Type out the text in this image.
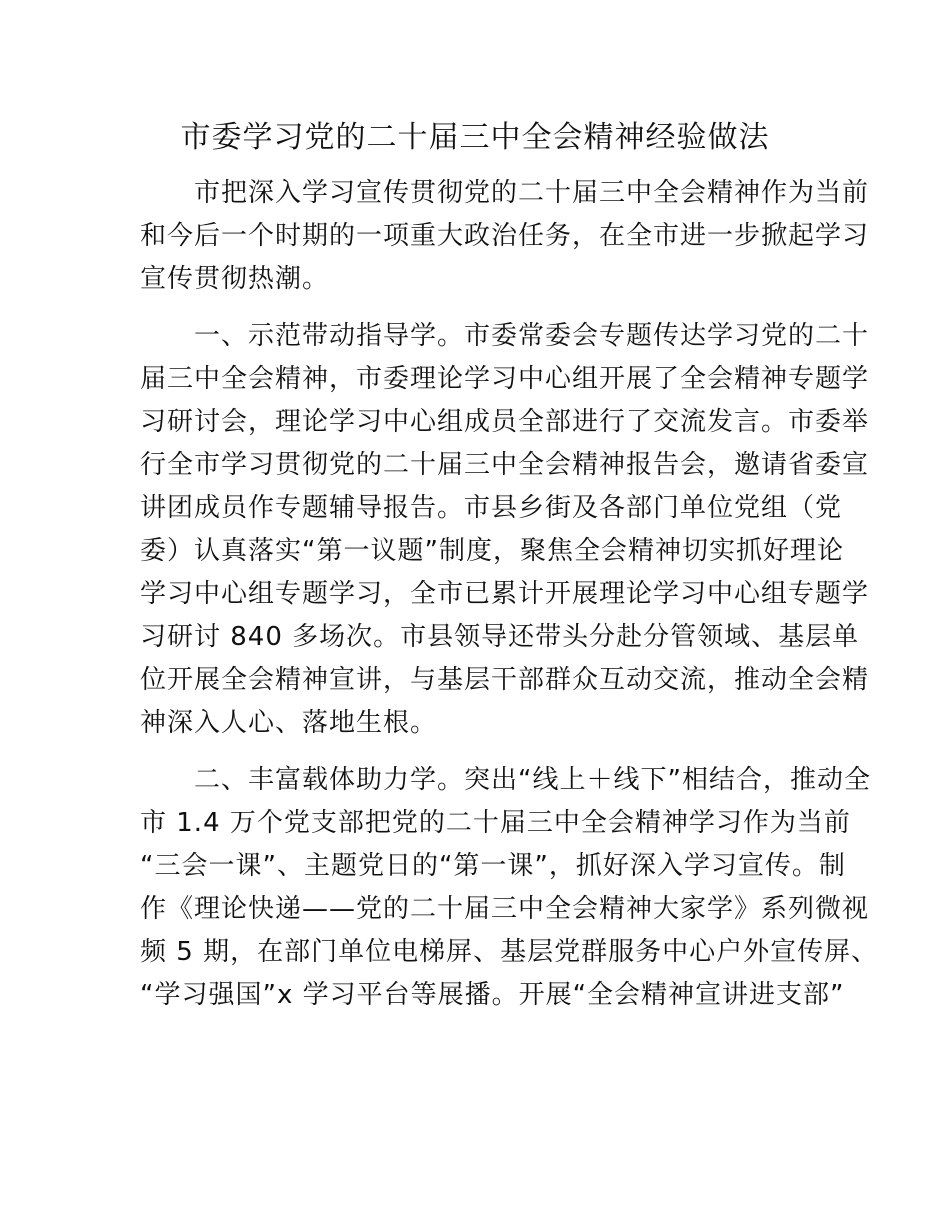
市委学习党的二十届三中全会精神经验做法
市把深入学习宣传贯彻党的二十届三中全会精神作为当前
和今后一个时期的一项重大政治任务，在全市进一步掀起学习
宣传贯彻热潮。
一、示范带动指导学。市委常委会专题传达学习党的二十
届三中全会精神，市委理论学习中心组开展了全会精神专题学
习研讨会，理论学习中心组成员全部进行了交流发言。市委举
行全市学习贯彻党的二十届三中全会精神报告会，邀请省委宣
讲团成员作专题辅导报告。市县乡街及各部门单位党组（党
委）认真落实“第一议题”制度，聚焦全会精神切实抓好理论
学习中心组专题学习，全市已累计开展理论学习中心组专题学
习研讨 840 多场次。市县领导还带头分赴分管领域、基层单
位开展全会精神宣讲，与基层干部群众互动交流，推动全会精
神深入人心、落地生根。
二、丰富载体助力学。突出“线上＋线下”相结合，推动全
市 1.4 万个党支部把党的二十届三中全会精神学习作为当前
“三会一课”、主题党日的“第一课”，抓好深入学习宣传。制
作《理论快递——党的二十届三中全会精神大家学》系列微视
频 5 期，在部门单位电梯屏、基层党群服务中心户外宣传屏、
“学习强国”x 学习平台等展播。开展“全会精神宣讲进支部”
